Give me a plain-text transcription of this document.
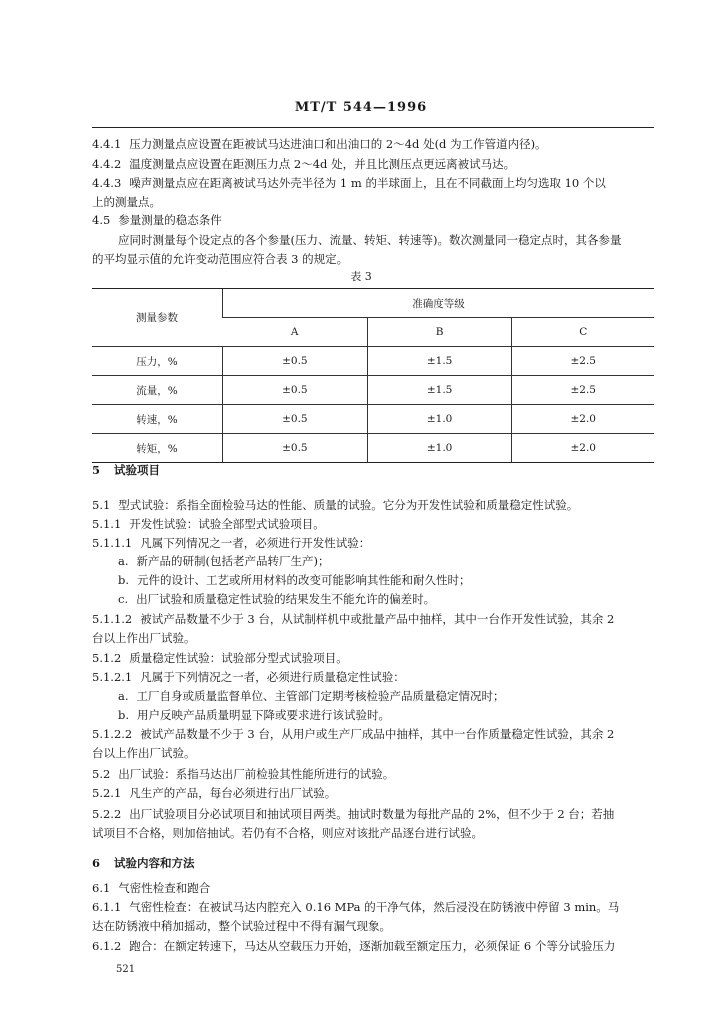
MT/T 544—1996
4.4.1 压力测量点应设置在距被试马达进油口和出油口的 2～4d 处(d 为工作管道内径)。
4.4.2 温度测量点应设置在距测压力点 2～4d 处，并且比测压点更远离被试马达。
4.4.3 噪声测量点应在距离被试马达外壳半径为 1 m 的半球面上，且在不同截面上均匀选取 10 个以
上的测量点。
4.5 参量测量的稳态条件
应同时测量每个设定点的各个参量(压力、流量、转矩、转速等)。数次测量同一稳定点时，其各参量
的平均显示值的允许变动范围应符合表 3 的规定。
表 3
测量参数	准确度等级		
	A	B	C
压力，%	±0.5	±1.5	±2.5
流量，%	±0.5	±1.5	±2.5
转速，%	±0.5	±1.0	±2.0
转矩，%	±0.5	±1.0	±2.0
5 试验项目
5.1 型式试验：系指全面检验马达的性能、质量的试验。它分为开发性试验和质量稳定性试验。
5.1.1 开发性试验：试验全部型式试验项目。
5.1.1.1 凡属下列情况之一者，必须进行开发性试验：
a. 新产品的研制(包括老产品转厂生产)；
b. 元件的设计、工艺或所用材料的改变可能影响其性能和耐久性时；
c. 出厂试验和质量稳定性试验的结果发生不能允许的偏差时。
5.1.1.2 被试产品数量不少于 3 台，从试制样机中或批量产品中抽样，其中一台作开发性试验，其余 2
台以上作出厂试验。
5.1.2 质量稳定性试验：试验部分型式试验项目。
5.1.2.1 凡属于下列情况之一者，必须进行质量稳定性试验：
a. 工厂自身或质量监督单位、主管部门定期考核检验产品质量稳定情况时；
b. 用户反映产品质量明显下降或要求进行该试验时。
5.1.2.2 被试产品数量不少于 3 台，从用户或生产厂成品中抽样，其中一台作质量稳定性试验，其余 2
台以上作出厂试验。
5.2 出厂试验：系指马达出厂前检验其性能所进行的试验。
5.2.1 凡生产的产品，每台必须进行出厂试验。
5.2.2 出厂试验项目分必试项目和抽试项目两类。抽试时数量为每批产品的 2%，但不少于 2 台；若抽
试项目不合格，则加倍抽试。若仍有不合格，则应对该批产品逐台进行试验。
6 试验内容和方法
6.1 气密性检查和跑合
6.1.1 气密性检查：在被试马达内腔充入 0.16 MPa 的干净气体，然后浸没在防锈液中停留 3 min。马
达在防锈液中稍加摇动，整个试验过程中不得有漏气现象。
6.1.2 跑合：在额定转速下，马达从空载压力开始，逐渐加载至额定压力，必须保证 6 个等分试验压力
521
